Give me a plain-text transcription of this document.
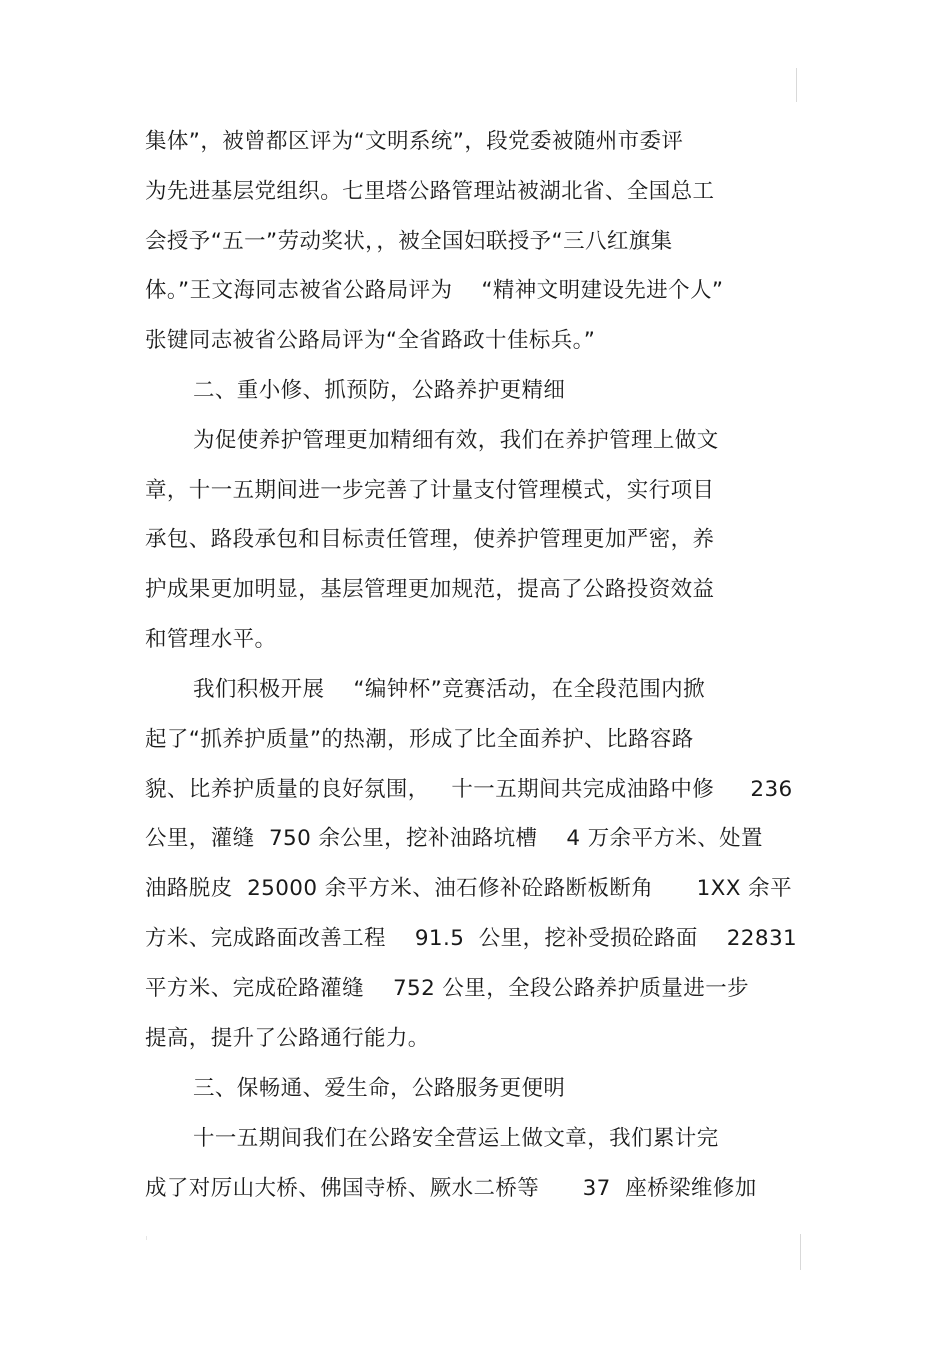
集体”，被曾都区评为“文明系统”，段党委被随州市委评
为先进基层党组织。七里塔公路管理站被湖北省、全国总工
会授予“五一”劳动奖状，，被全国妇联授予“三八红旗集
体。”王文海同志被省公路局评为    “精神文明建设先进个人”
张键同志被省公路局评为“全省路政十佳标兵。”
二、重小修、抓预防，公路养护更精细
为促使养护管理更加精细有效，我们在养护管理上做文
章，十一五期间进一步完善了计量支付管理模式，实行项目
承包、路段承包和目标责任管理，使养护管理更加严密，养
护成果更加明显，基层管理更加规范，提高了公路投资效益
和管理水平。
我们积极开展    “编钟杯”竞赛活动，在全段范围内掀
起了“抓养护质量”的热潮，形成了比全面养护、比路容路
貌、比养护质量的良好氛围，   十一五期间共完成油路中修     236
公里，灌缝  750 余公里，挖补油路坑槽    4 万余平方米、处置
油路脱皮  25000 余平方米、油石修补砼路断板断角      1XX 余平
方米、完成路面改善工程    91.5  公里，挖补受损砼路面    22831
平方米、完成砼路灌缝    752 公里，全段公路养护质量进一步
提高，提升了公路通行能力。
三、保畅通、爱生命，公路服务更便明
十一五期间我们在公路安全营运上做文章，我们累计完
成了对厉山大桥、佛国寺桥、厥水二桥等      37  座桥梁维修加
